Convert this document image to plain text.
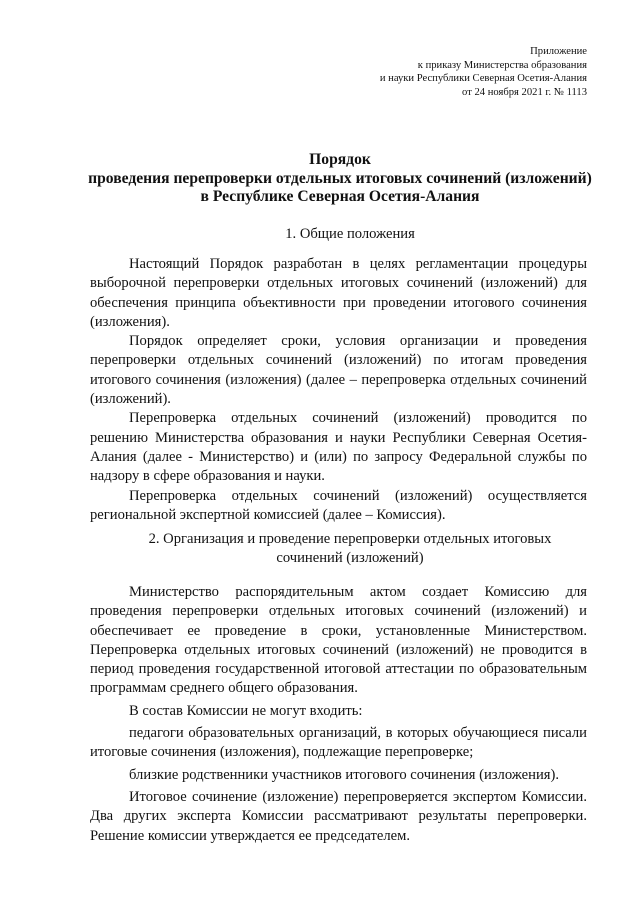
Приложение
к приказу Министерства образования
и науки Республики Северная Осетия-Алания
от 24 ноября 2021 г. № 1113
Порядок
проведения перепроверки отдельных итоговых сочинений (изложений)
в Республике Северная Осетия-Алания
1. Общие положения

Настоящий Порядок разработан в целях регламентации процедуры выборочной перепроверки отдельных итоговых сочинений (изложений) для обеспечения принципа объективности при проведении итогового сочинения (изложения).

Порядок определяет сроки, условия организации и проведения перепроверки отдельных сочинений (изложений) по итогам проведения итогового сочинения (изложения) (далее – перепроверка отдельных сочинений (изложений).

Перепроверка отдельных сочинений (изложений) проводится по решению Министерства образования и науки Республики Северная Осетия-Алания (далее - Министерство) и (или) по запросу Федеральной службы по надзору в сфере образования и науки.

Перепроверка отдельных сочинений (изложений) осуществляется региональной экспертной комиссией (далее – Комиссия).

2. Организация и проведение перепроверки отдельных итоговых
сочинений (изложений)

Министерство распорядительным актом создает Комиссию для проведения перепроверки отдельных итоговых сочинений (изложений) и обеспечивает ее проведение в сроки, установленные Министерством. Перепроверка отдельных итоговых сочинений (изложений) не проводится в период проведения государственной итоговой аттестации по образовательным программам среднего общего образования.

В состав Комиссии не могут входить:

педагоги образовательных организаций, в которых обучающиеся писали итоговые сочинения (изложения), подлежащие перепроверке;

близкие родственники участников итогового сочинения (изложения).

Итоговое сочинение (изложение) перепроверяется экспертом Комиссии. Два других эксперта Комиссии рассматривают результаты перепроверки. Решение комиссии утверждается ее председателем.
